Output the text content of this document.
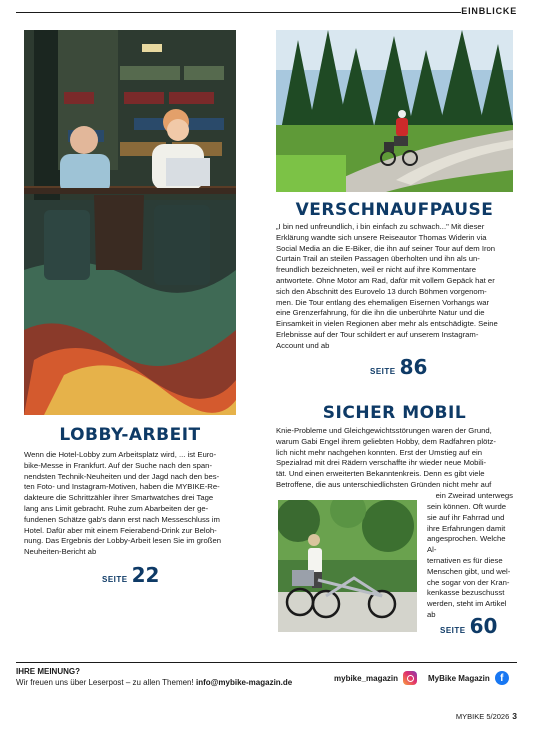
EINBLICKE
LOBBY-ARBEIT
Wenn die Hotel-Lobby zum Arbeitsplatz wird, ... ist Euro-
bike-Messe in Frankfurt. Auf der Suche nach den span-
nendsten Technik-Neuheiten und der Jagd nach den bes-
ten Foto- und Instagram-Motiven, haben die MYBIKE-Re-
dakteure die Schrittzähler ihrer Smartwatches drei Tage
lang ans Limit gebracht. Ruhe zum Abarbeiten der ge-
fundenen Schätze gab's dann erst nach Messeschluss im
Hotel. Dafür aber mit einem Feierabend-Drink zur Beloh-
nung. Das Ergebnis der Lobby-Arbeit lesen Sie im großen
Neuheiten-Bericht ab
SEITE 22
VERSCHNAUFPAUSE
„I bin ned unfreundlich, i bin einfach zu schwach..." Mit dieser
Erklärung wandte sich unsere Reiseautor Thomas Widerin via
Social Media an die E-Biker, die ihn auf seiner Tour auf dem Iron
Curtain Trail an steilen Passagen überholten und ihn als un-
freundlich bezeichneten, weil er nicht auf ihre Kommentare
antwortete. Ohne Motor am Rad, dafür mit vollem Gepäck hat er
sich den Abschnitt des Eurovelo 13 durch Böhmen vorgenom-
men. Die Tour entlang des ehemaligen Eisernen Vorhangs war
eine Grenzerfahrung, für die ihn die unberührte Natur und die
Einsamkeit in vielen Regionen aber mehr als entschädigte. Seine
Erlebnisse auf der Tour schildert er auf unserem Instagram-
Account und ab
SEITE 86
SICHER MOBIL
Knie-Probleme und Gleichgewichtsstörungen waren der Grund,
warum Gabi Engel ihrem geliebten Hobby, dem Radfahren plötz-
lich nicht mehr nachgehen konnten. Erst der Umstieg auf ein
Spezialrad mit drei Rädern verschaffte ihr wieder neue Mobili-
tät. Und einen erweiterten Bekanntenkreis. Denn es gibt viele
Betroffene, die aus unterschiedlichsten Gründen nicht mehr auf
ein Zweirad unterwegs
sein können. Oft wurde
sie auf ihr Fahrrad und
ihre Erfahrungen damit
angesprochen. Welche Al-
ternativen es für diese
Menschen gibt, und wel-
che sogar von der Kran-
kenkasse bezuschusst
werden, steht im Artikel
ab
SEITE 60
IHRE MEINUNG?
Wir freuen uns über Leserpost – zu allen Themen! info@mybike-magazin.de	mybike_magazin	MyBike Magazin	f
MYBIKE 5/2026 3
